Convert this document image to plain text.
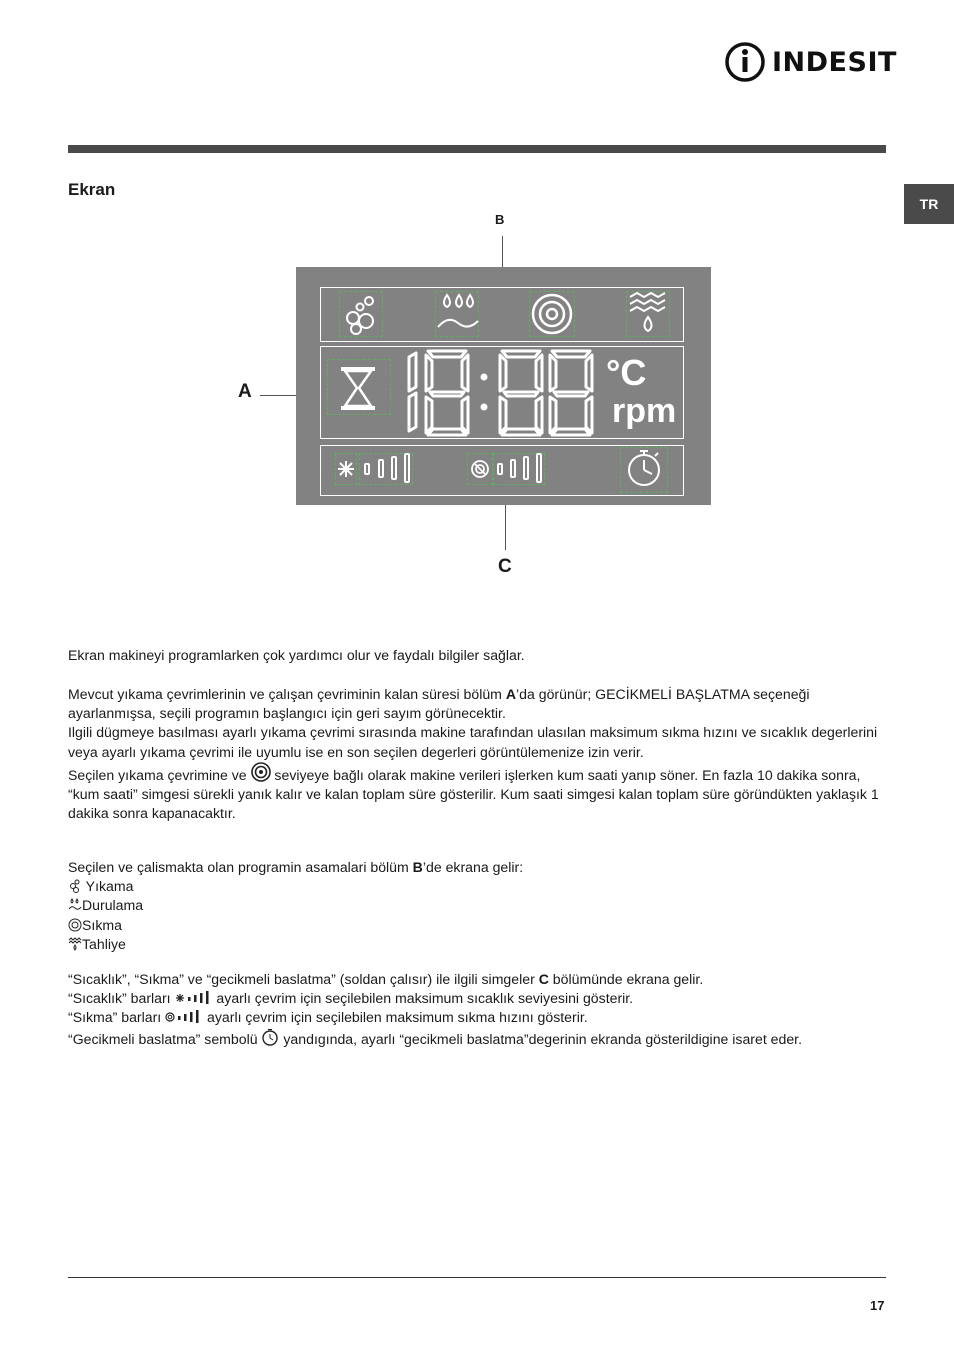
INDESIT
TR
Ekran
B
A
C
°C
rpm

Ekran makineyi programlarken çok yardımcı olur ve faydalı bilgiler sağlar.

Mevcut yıkama çevrimlerinin ve çalışan çevriminin kalan süresi bölüm A’da görünür; GECİKMELİ BAŞLATMA seçeneği ayarlanmışsa, seçili programın başlangıcı için geri sayım görünecektir.

Ilgili dügmeye basılması ayarlı yıkama çevrimi sırasında makine tarafından ulasılan maksimum sıkma hızını ve sıcaklık degerlerini veya ayarlı yıkama çevrimi ile uyumlu ise en son seçilen degerleri görüntülemenize izin verir.

Seçilen yıkama çevrimine ve  seviyeye bağlı olarak makine verileri işlerken kum saati yanıp söner. En fazla 10 dakika sonra, “kum saati” simgesi sürekli yanık kalır ve kalan toplam süre gösterilir. Kum saati simgesi kalan toplam süre göründükten yaklaşık 1 dakika sonra kapanacaktır.

Seçilen ve çalismakta olan programin asamalari bölüm B’de ekrana gelir:

Yıkama

Durulama

Sıkma

Tahliye

“Sıcaklık”, “Sıkma” ve “gecikmeli baslatma” (soldan çalısır) ile ilgili simgeler C bölümünde ekrana gelir.

“Sıcaklık” barları	ayarlı çevrim için seçilebilen maksimum sıcaklık seviyesini gösterir.

“Sıkma” barları	ayarlı çevrim için seçilebilen maksimum sıkma hızını gösterir.

“Gecikmeli baslatma” sembolü  yandıgında, ayarlı “gecikmeli baslatma”degerinin ekranda gösterildigine isaret eder.

17
